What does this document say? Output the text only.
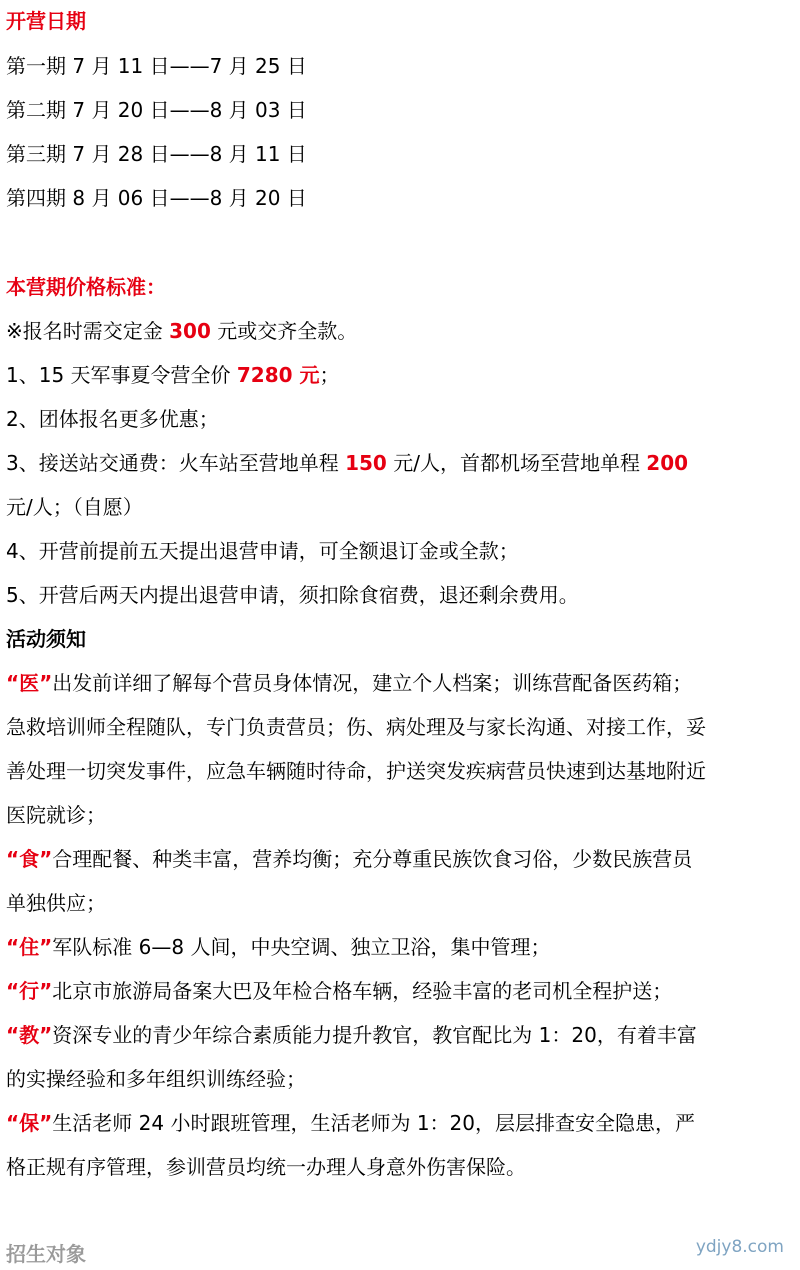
开营日期
第一期 7 月 11 日——7 月 25 日
第二期 7 月 20 日——8 月 03 日
第三期 7 月 28 日——8 月 11 日
第四期 8 月 06 日——8 月 20 日
本营期价格标准：
※报名时需交定金 300 元或交齐全款。
1、15 天军事夏令营全价 7280 元；
2、团体报名更多优惠；
3、接送站交通费：火车站至营地单程 150 元/人，首都机场至营地单程 200
元/人；（自愿）
4、开营前提前五天提出退营申请，可全额退订金或全款；
5、开营后两天内提出退营申请，须扣除食宿费，退还剩余费用。
活动须知
“医”出发前详细了解每个营员身体情况，建立个人档案；训练营配备医药箱；
急救培训师全程随队，专门负责营员；伤、病处理及与家长沟通、对接工作，妥
善处理一切突发事件，应急车辆随时待命，护送突发疾病营员快速到达基地附近
医院就诊；
“食”合理配餐、种类丰富，营养均衡；充分尊重民族饮食习俗，少数民族营员
单独供应；
“住”军队标准 6—8 人间，中央空调、独立卫浴，集中管理；
“行”北京市旅游局备案大巴及年检合格车辆，经验丰富的老司机全程护送；
“教”资深专业的青少年综合素质能力提升教官，教官配比为 1：20，有着丰富
的实操经验和多年组织训练经验；
“保”生活老师 24 小时跟班管理，生活老师为 1：20，层层排查安全隐患，严
格正规有序管理，参训营员均统一办理人身意外伤害保险。
招生对象	ydjy8.com
